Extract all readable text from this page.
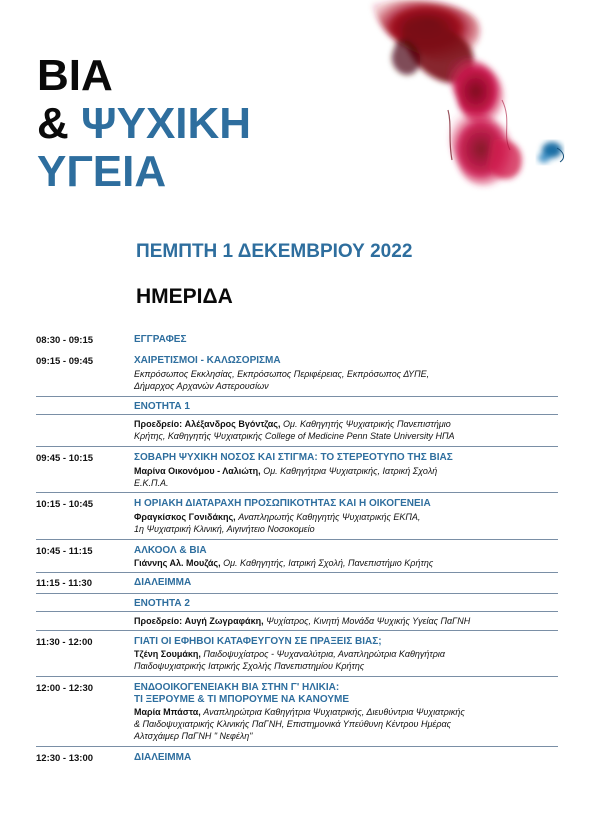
ΒΙΑ
& ΨΥΧΙΚΗ
ΥΓΕΙΑ
ΠΕΜΠΤΗ 1 ΔΕΚΕΜΒΡΙΟΥ 2022
ΗΜΕΡΙΔΑ
08:30 - 09:15	ΕΓΓΡΑΦΕΣ
09:15 - 09:45	ΧΑΙΡΕΤΙΣΜΟΙ - ΚΑΛΩΣΟΡΙΣΜΑ
Εκπρόσωπος Εκκλησίας, Εκπρόσωπος Περιφέρειας, Εκπρόσωπος ΔΥΠΕ,
Δήμαρχος Αρχανών Αστερουσίων
ΕΝΟΤΗΤΑ 1
Προεδρείο: Αλέξανδρος Βγόντζας, Ομ. Καθηγητής Ψυχιατρικής Πανεπιστήμιο
Κρήτης, Καθηγητής Ψυχιατρικής College of Medicine Penn State University ΗΠΑ
09:45 - 10:15	ΣΟΒΑΡΗ ΨΥΧΙΚΗ ΝΟΣΟΣ ΚΑΙ ΣΤΙΓΜΑ: ΤΟ ΣΤΕΡΕΟΤΥΠΟ ΤΗΣ ΒΙΑΣ
Μαρίνα Οικονόμου - Λαλιώτη, Ομ. Καθηγήτρια Ψυχιατρικής, Ιατρική Σχολή
Ε.Κ.Π.Α.
10:15 - 10:45	Η ΟΡΙΑΚΗ ΔΙΑΤΑΡΑΧΗ ΠΡΟΣΩΠΙΚΟΤΗΤΑΣ ΚΑΙ Η ΟΙΚΟΓΕΝΕΙΑ
Φραγκίσκος Γονιδάκης, Αναπληρωτής Καθηγητής Ψυχιατρικής ΕΚΠΑ,
1η Ψυχιατρική Κλινική, Αιγινήτειο Νοσοκομείο
10:45 - 11:15	ΑΛΚΟΟΛ & ΒΙΑ
Γιάννης Αλ. Μουζάς, Ομ. Καθηγητής, Ιατρική Σχολή, Πανεπιστήμιο Κρήτης
11:15 - 11:30	ΔΙΑΛΕΙΜΜΑ
ΕΝΟΤΗΤΑ 2
Προεδρείο: Αυγή Ζωγραφάκη, Ψυχίατρος, Κινητή Μονάδα Ψυχικής Υγείας ΠαΓΝΗ
11:30 - 12:00	ΓΙΑΤΙ ΟΙ ΕΦΗΒΟΙ ΚΑΤΑΦΕΥΓΟΥΝ ΣΕ ΠΡΑΞΕΙΣ ΒΙΑΣ;
Τζένη Σουμάκη, Παιδοψυχίατρος - Ψυχαναλύτρια, Αναπληρώτρια Καθηγήτρια
Παιδοψυχιατρικής Ιατρικής Σχολής Πανεπιστημίου Κρήτης
12:00 - 12:30	ΕΝΔΟΟΙΚΟΓΕΝΕΙΑΚΗ ΒΙΑ ΣΤΗΝ Γ' ΗΛΙΚΙΑ:
ΤΙ ΞΕΡΟΥΜΕ & ΤΙ ΜΠΟΡΟΥΜΕ ΝΑ ΚΑΝΟΥΜΕ
Μαρία Μπάστα, Αναπληρώτρια Καθηγήτρια Ψυχιατρικής, Διευθύντρια Ψυχιατρικής
& Παιδοψυχιατρικής Κλινικής ΠαΓΝΗ, Επιστημονικά Υπεύθυνη Κέντρου Ημέρας
Αλτσχάιμερ ΠαΓΝΗ " Νεφέλη"
12:30 - 13:00	ΔΙΑΛΕΙΜΜΑ
